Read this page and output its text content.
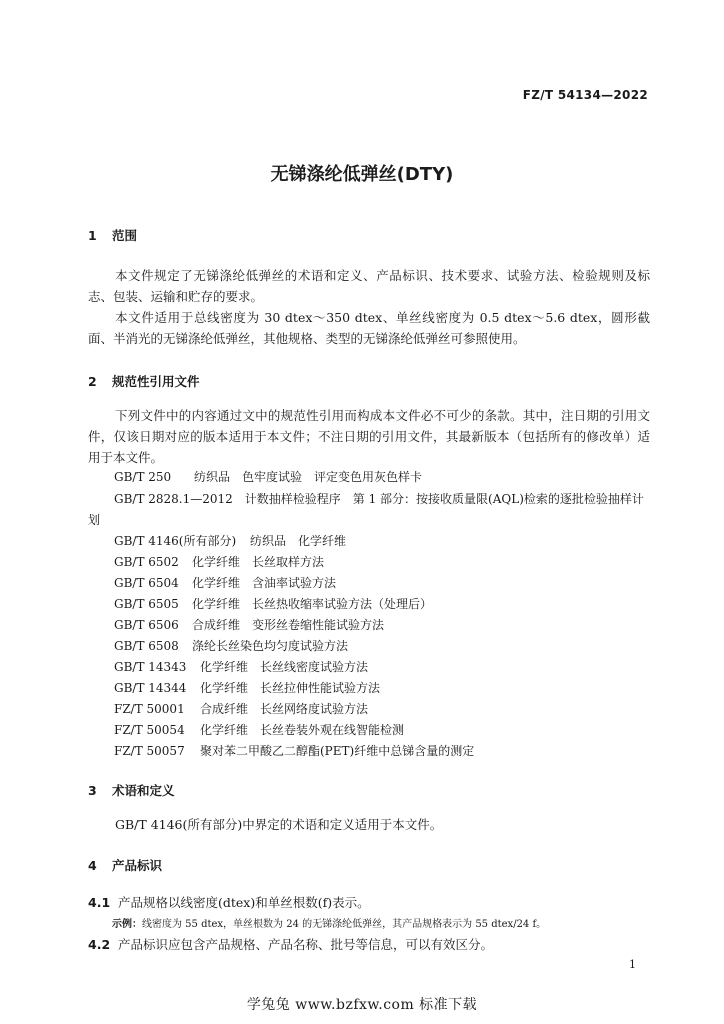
FZ/T 54134—2022
无锑涤纶低弹丝(DTY)
1 范围
本文件规定了无锑涤纶低弹丝的术语和定义、产品标识、技术要求、试验方法、检验规则及标志、包装、运输和贮存的要求。
本文件适用于总线密度为 30 dtex～350 dtex、单丝线密度为 0.5 dtex～5.6 dtex，圆形截面、半消光的无锑涤纶低弹丝，其他规格、类型的无锑涤纶低弹丝可参照使用。
2 规范性引用文件
下列文件中的内容通过文中的规范性引用而构成本文件必不可少的条款。其中，注日期的引用文件，仅该日期对应的版本适用于本文件；不注日期的引用文件，其最新版本（包括所有的修改单）适用于本文件。
GB/T 250 纺织品　色牢度试验　评定变色用灰色样卡
GB/T 2828.1—2012 计数抽样检验程序　第 1 部分：按接收质量限(AQL)检索的逐批检验抽样计划
GB/T 4146(所有部分) 纺织品　化学纤维
GB/T 6502 化学纤维　长丝取样方法
GB/T 6504 化学纤维　含油率试验方法
GB/T 6505 化学纤维　长丝热收缩率试验方法（处理后）
GB/T 6506 合成纤维　变形丝卷缩性能试验方法
GB/T 6508 涤纶长丝染色均匀度试验方法
GB/T 14343 化学纤维　长丝线密度试验方法
GB/T 14344 化学纤维　长丝拉伸性能试验方法
FZ/T 50001 合成纤维　长丝网络度试验方法
FZ/T 50054 化学纤维　长丝卷装外观在线智能检测
FZ/T 50057 聚对苯二甲酸乙二醇酯(PET)纤维中总锑含量的测定
3 术语和定义
GB/T 4146(所有部分)中界定的术语和定义适用于本文件。
4 产品标识
4.1 产品规格以线密度(dtex)和单丝根数(f)表示。
示例：线密度为 55 dtex，单丝根数为 24 的无锑涤纶低弹丝，其产品规格表示为 55 dtex/24 f。
4.2 产品标识应包含产品规格、产品名称、批号等信息，可以有效区分。
1
学兔兔 www.bzfxw.com 标准下载
